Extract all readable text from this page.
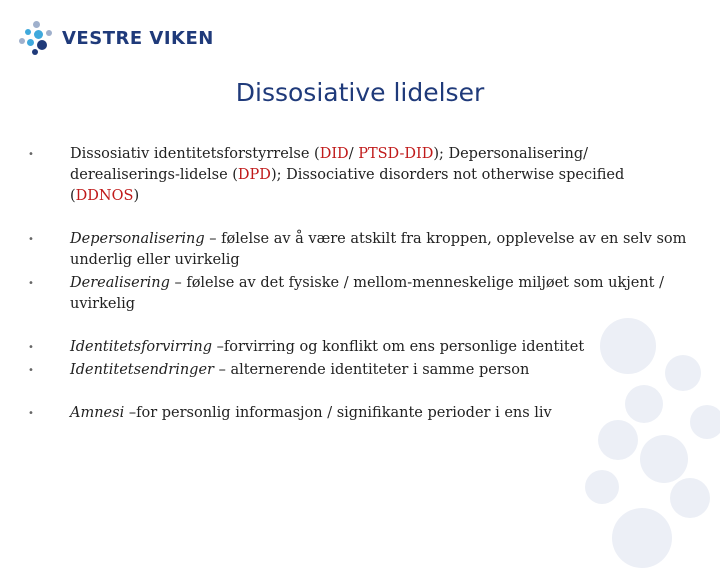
VESTRE VIKEN
Dissosiative lidelser
• Dissosiativ identitetsforstyrrelse (DID/ PTSD-DID); Depersonalisering/ derealiserings-lidelse (DPD); Dissociative disorders not otherwise specified (DDNOS)
• Depersonalisering – følelse av å være atskilt fra kroppen, opplevelse av en selv som underlig eller uvirkelig
• Derealisering – følelse av det fysiske / mellom-menneskelige miljøet som ukjent / uvirkelig
• Identitetsforvirring –forvirring og konflikt om ens personlige identitet
• Identitetsendringer – alternerende identiteter i samme person
• Amnesi –for personlig informasjon / signifikante perioder i ens liv
